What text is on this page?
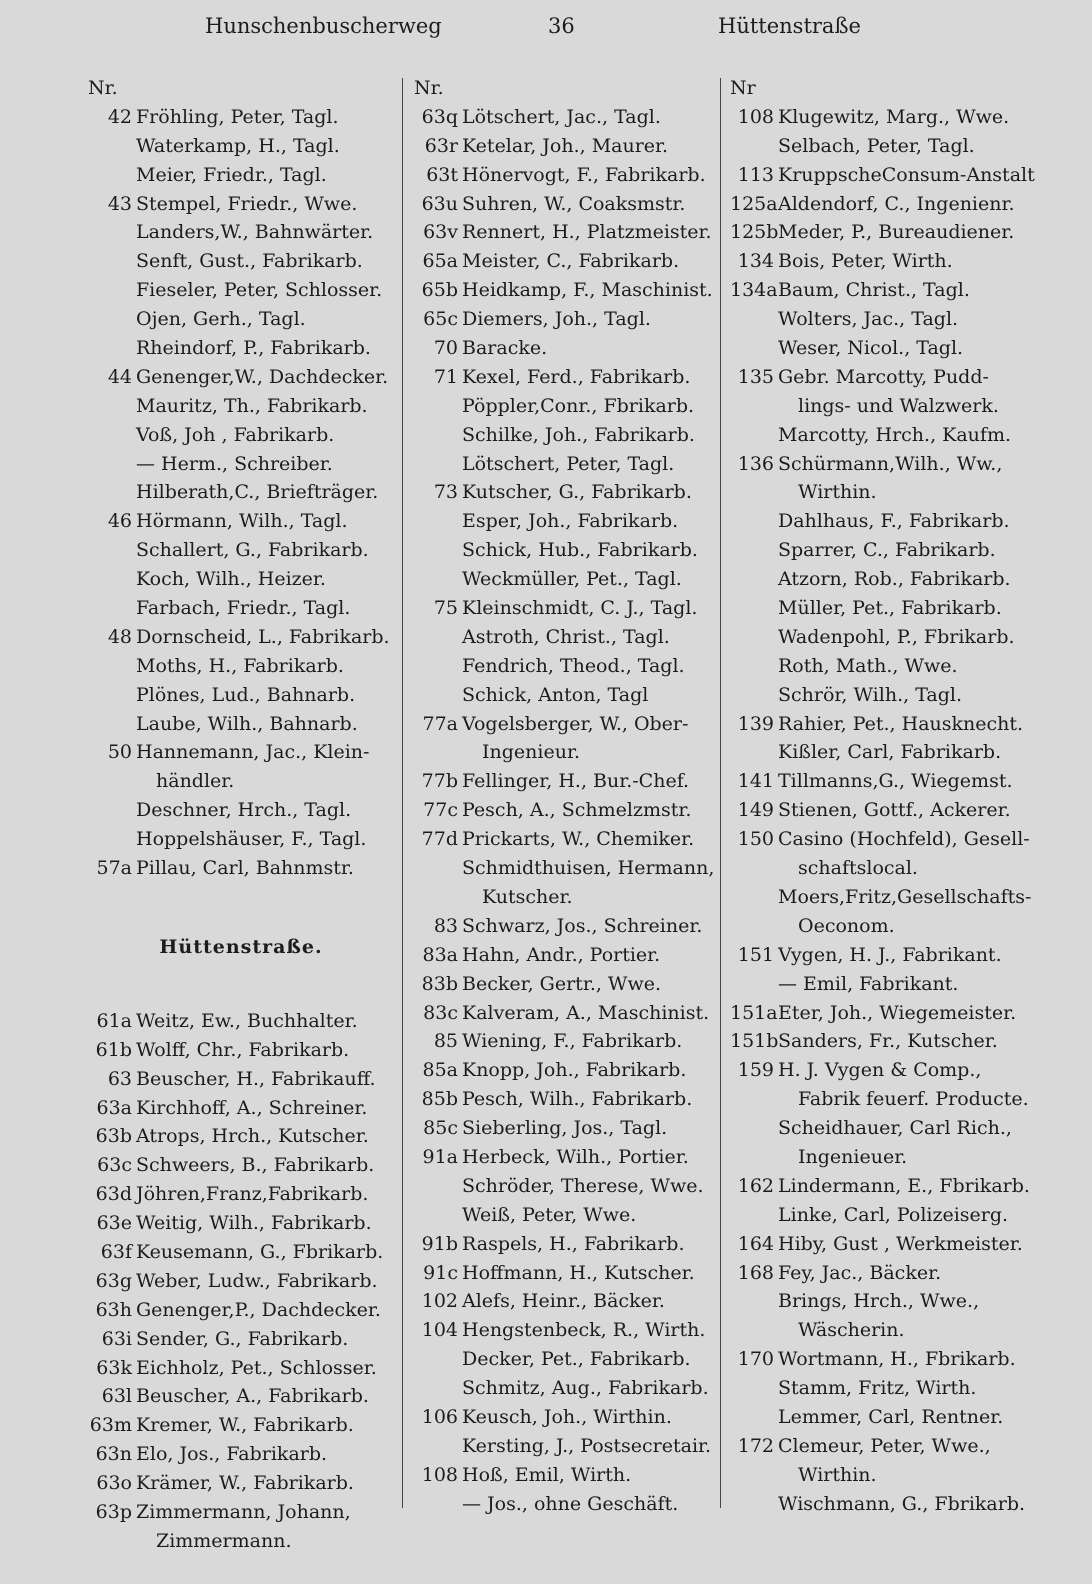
Hunschenbuscherweg	36	Hüttenstraße
Nr.
42 Fröhling, Peter, Tagl.
Waterkamp, H., Tagl.
Meier, Friedr., Tagl.
43 Stempel, Friedr., Wwe.
Landers,W., Bahnwärter.
Senft, Gust., Fabrikarb.
Fieseler, Peter, Schlosser.
Ojen, Gerh., Tagl.
Rheindorf, P., Fabrikarb.
44 Genenger,W., Dachdecker.
Mauritz, Th., Fabrikarb.
Voß, Joh , Fabrikarb.
— Herm., Schreiber.
Hilberath,C., Briefträger.
46 Hörmann, Wilh., Tagl.
Schallert, G., Fabrikarb.
Koch, Wilh., Heizer.
Farbach, Friedr., Tagl.
48 Dornscheid, L., Fabrikarb.
Moths, H., Fabrikarb.
Plönes, Lud., Bahnarb.
Laube, Wilh., Bahnarb.
50 Hannemann, Jac., Klein-
händler.
Deschner, Hrch., Tagl.
Hoppelshäuser, F., Tagl.
57a Pillau, Carl, Bahnmstr.
Hüttenstraße.
61a Weitz, Ew., Buchhalter.
61b Wolff, Chr., Fabrikarb.
63 Beuscher, H., Fabrikauff.
63a Kirchhoff, A., Schreiner.
63b Atrops, Hrch., Kutscher.
63c Schweers, B., Fabrikarb.
63d Jöhren,Franz,Fabrikarb.
63e Weitig, Wilh., Fabrikarb.
63f Keusemann, G., Fbrikarb.
63g Weber, Ludw., Fabrikarb.
63h Genenger,P., Dachdecker.
63i Sender, G., Fabrikarb.
63k Eichholz, Pet., Schlosser.
63l Beuscher, A., Fabrikarb.
63m Kremer, W., Fabrikarb.
63n Elo, Jos., Fabrikarb.
63o Krämer, W., Fabrikarb.
63p Zimmermann, Johann,
Zimmermann.
Nr.
63q Lötschert, Jac., Tagl.
63r Ketelar, Joh., Maurer.
63t Hönervogt, F., Fabrikarb.
63u Suhren, W., Coaksmstr.
63v Rennert, H., Platzmeister.
65a Meister, C., Fabrikarb.
65b Heidkamp, F., Maschinist.
65c Diemers, Joh., Tagl.
70 Baracke.
71 Kexel, Ferd., Fabrikarb.
Pöppler,Conr., Fbrikarb.
Schilke, Joh., Fabrikarb.
Lötschert, Peter, Tagl.
73 Kutscher, G., Fabrikarb.
Esper, Joh., Fabrikarb.
Schick, Hub., Fabrikarb.
Weckmüller, Pet., Tagl.
75 Kleinschmidt, C. J., Tagl.
Astroth, Christ., Tagl.
Fendrich, Theod., Tagl.
Schick, Anton, Tagl
77a Vogelsberger, W., Ober-
Ingenieur.
77b Fellinger, H., Bur.-Chef.
77c Pesch, A., Schmelzmstr.
77d Prickarts, W., Chemiker.
Schmidthuisen, Hermann,
Kutscher.
83 Schwarz, Jos., Schreiner.
83a Hahn, Andr., Portier.
83b Becker, Gertr., Wwe.
83c Kalveram, A., Maschinist.
85 Wiening, F., Fabrikarb.
85a Knopp, Joh., Fabrikarb.
85b Pesch, Wilh., Fabrikarb.
85c Sieberling, Jos., Tagl.
91a Herbeck, Wilh., Portier.
Schröder, Therese, Wwe.
Weiß, Peter, Wwe.
91b Raspels, H., Fabrikarb.
91c Hoffmann, H., Kutscher.
102 Alefs, Heinr., Bäcker.
104 Hengstenbeck, R., Wirth.
Decker, Pet., Fabrikarb.
Schmitz, Aug., Fabrikarb.
106 Keusch, Joh., Wirthin.
Kersting, J., Postsecretair.
108 Hoß, Emil, Wirth.
— Jos., ohne Geschäft.
Nr
108 Klugewitz, Marg., Wwe.
Selbach, Peter, Tagl.
113 KruppscheConsum-Anstalt
125a Aldendorf, C., Ingenienr.
125b Meder, P., Bureaudiener.
134 Bois, Peter, Wirth.
134a Baum, Christ., Tagl.
Wolters, Jac., Tagl.
Weser, Nicol., Tagl.
135 Gebr. Marcotty, Pudd-
lings- und Walzwerk.
Marcotty, Hrch., Kaufm.
136 Schürmann,Wilh., Ww.,
Wirthin.
Dahlhaus, F., Fabrikarb.
Sparrer, C., Fabrikarb.
Atzorn, Rob., Fabrikarb.
Müller, Pet., Fabrikarb.
Wadenpohl, P., Fbrikarb.
Roth, Math., Wwe.
Schrör, Wilh., Tagl.
139 Rahier, Pet., Hausknecht.
Kißler, Carl, Fabrikarb.
141 Tillmanns,G., Wiegemst.
149 Stienen, Gottf., Ackerer.
150 Casino (Hochfeld), Gesell-
schaftslocal.
Moers,Fritz,Gesellschafts-
Oeconom.
151 Vygen, H. J., Fabrikant.
— Emil, Fabrikant.
151a Eter, Joh., Wiegemeister.
151b Sanders, Fr., Kutscher.
159 H. J. Vygen & Comp.,
Fabrik feuerf. Producte.
Scheidhauer, Carl Rich.,
Ingenieuer.
162 Lindermann, E., Fbrikarb.
Linke, Carl, Polizeiserg.
164 Hiby, Gust , Werkmeister.
168 Fey, Jac., Bäcker.
Brings, Hrch., Wwe.,
Wäscherin.
170 Wortmann, H., Fbrikarb.
Stamm, Fritz, Wirth.
Lemmer, Carl, Rentner.
172 Clemeur, Peter, Wwe.,
Wirthin.
Wischmann, G., Fbrikarb.
